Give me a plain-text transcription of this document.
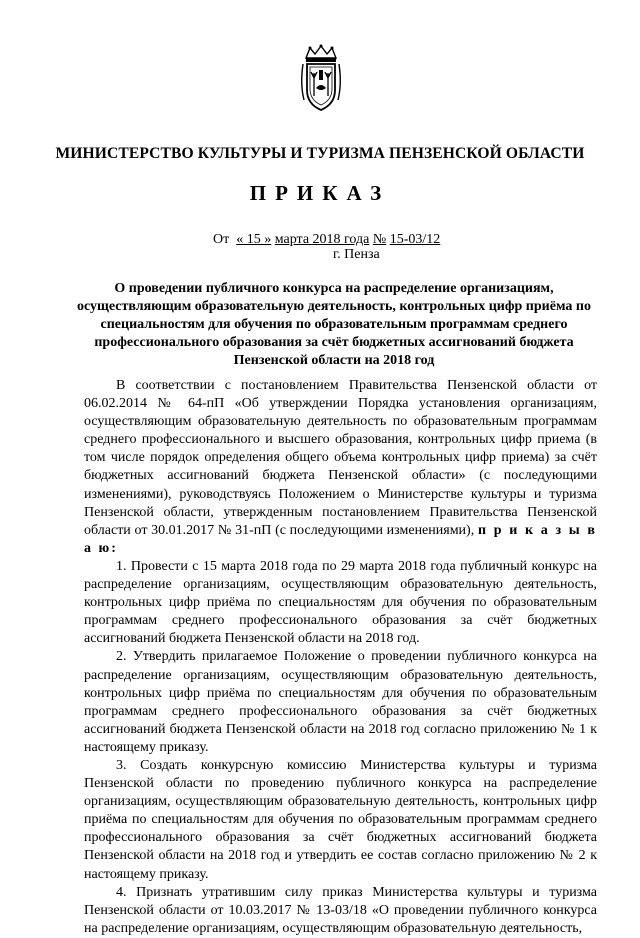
МИНИСТЕРСТВО КУЛЬТУРЫ И ТУРИЗМА ПЕНЗЕНСКОЙ ОБЛАСТИ
ПРИКАЗ
От « 15 » марта 2018 года № 15-03/12
г. Пенза
О проведении публичного конкурса на распределение организациям, осуществляющим образовательную деятельность, контрольных цифр приёма по специальностям для обучения по образовательным программам среднего профессионального образования за счёт бюджетных ассигнований бюджета Пензенской области на 2018 год

В соответствии с постановлением Правительства Пензенской области от 06.02.2014 № 64-пП «Об утверждении Порядка установления организациям, осуществляющим образовательную деятельность по образовательным программам среднего профессионального и высшего образования, контрольных цифр приема (в том числе порядок определения общего объема контрольных цифр приема) за счёт бюджетных ассигнований бюджета Пензенской области» (с последующими изменениями), руководствуясь Положением о Министерстве культуры и туризма Пензенской области, утвержденным постановлением Правительства Пензенской области от 30.01.2017 № 31-пП (с последующими изменениями), п р и к а з ы в а ю:

1. Провести с 15 марта 2018 года по 29 марта 2018 года публичный конкурс на распределение организациям, осуществляющим образовательную деятельность, контрольных цифр приёма по специальностям для обучения по образовательным программам среднего профессионального образования за счёт бюджетных ассигнований бюджета Пензенской области на 2018 год.

2. Утвердить прилагаемое Положение о проведении публичного конкурса на распределение организациям, осуществляющим образовательную деятельность, контрольных цифр приёма по специальностям для обучения по образовательным программам среднего профессионального образования за счёт бюджетных ассигнований бюджета Пензенской области на 2018 год согласно приложению № 1 к настоящему приказу.

3. Создать конкурсную комиссию Министерства культуры и туризма Пензенской области по проведению публичного конкурса на распределение организациям, осуществляющим образовательную деятельность, контрольных цифр приёма по специальностям для обучения по образовательным программам среднего профессионального образования за счёт бюджетных ассигнований бюджета Пензенской области на 2018 год и утвердить ее состав согласно приложению № 2 к настоящему приказу.

4. Признать утратившим силу приказ Министерства культуры и туризма Пензенской области от 10.03.2017 № 13-03/18 «О проведении публичного конкурса на распределение организациям, осуществляющим образовательную деятельность,
